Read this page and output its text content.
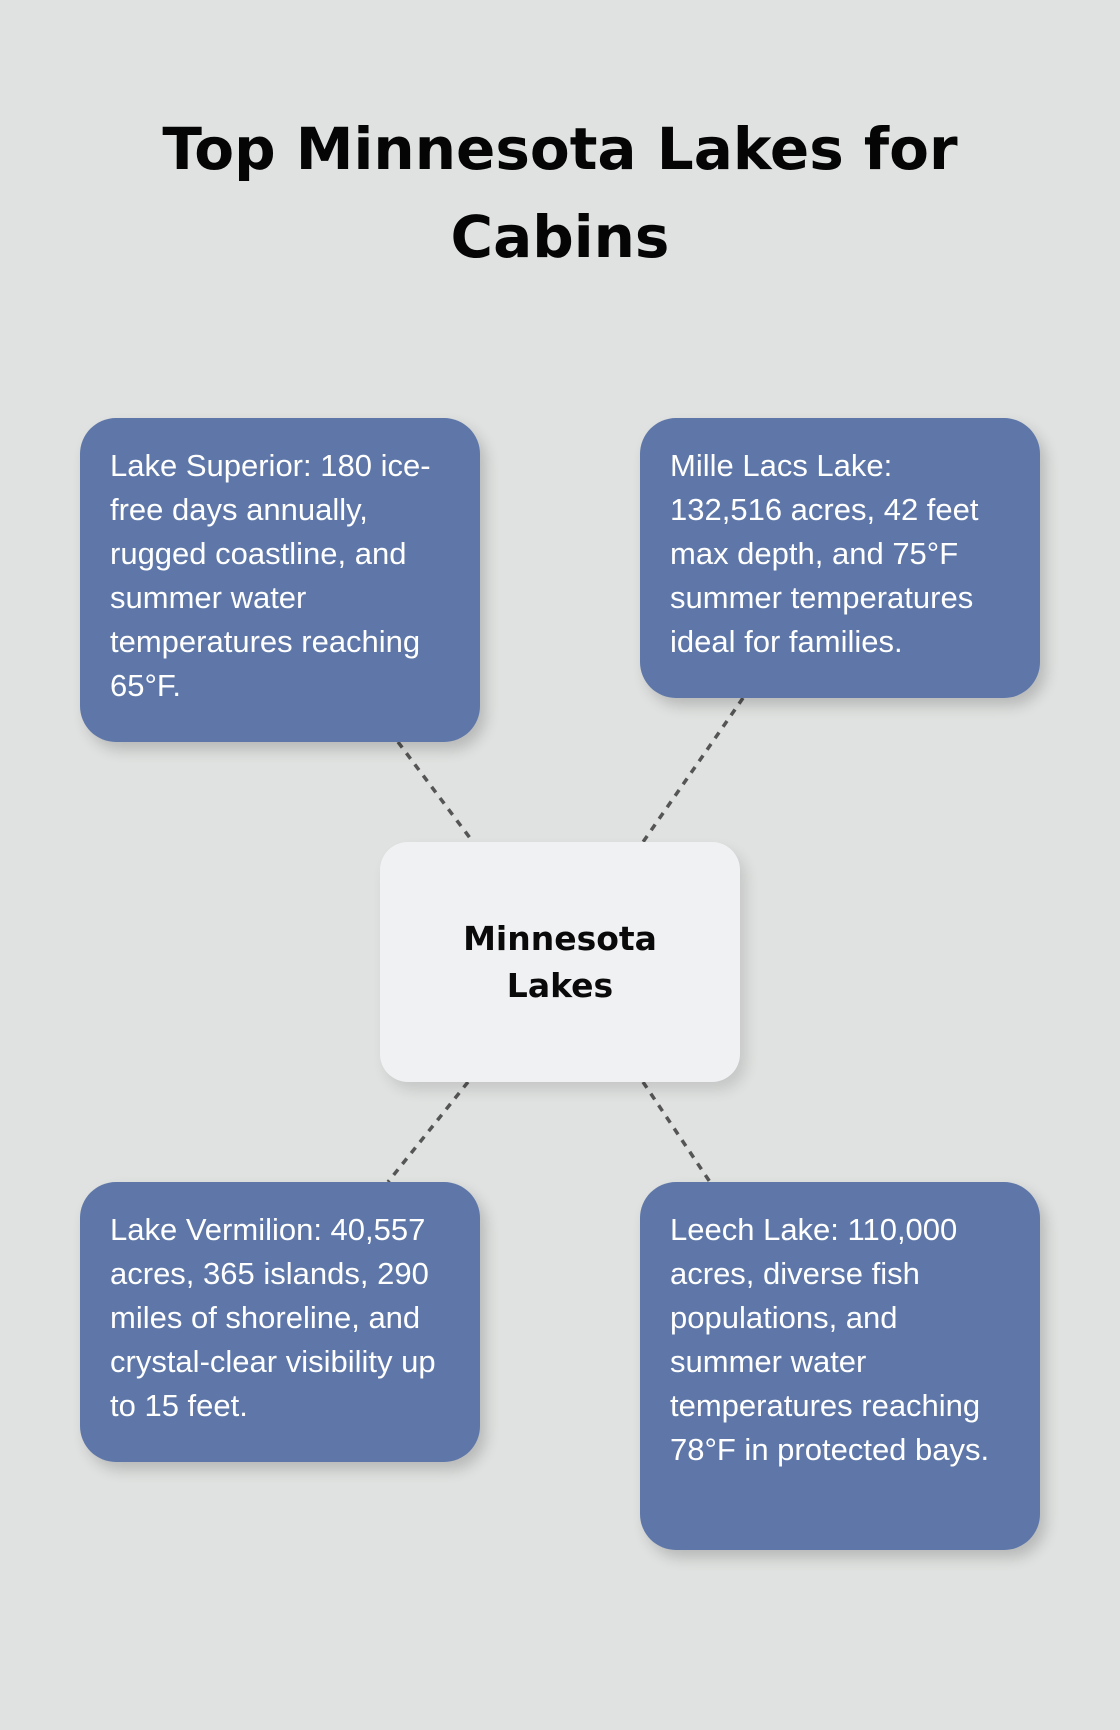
Top Minnesota Lakes for Cabins
Lake Superior: 180 ice-free days annually, rugged coastline, and summer water temperatures reaching 65°F.
Mille Lacs Lake: 132,516 acres, 42 feet max depth, and 75°F summer temperatures ideal for families.
Minnesota Lakes
Lake Vermilion: 40,557 acres, 365 islands, 290 miles of shoreline, and crystal-clear visibility up to 15 feet.
Leech Lake: 110,000 acres, diverse fish populations, and summer water temperatures reaching 78°F in protected bays.
